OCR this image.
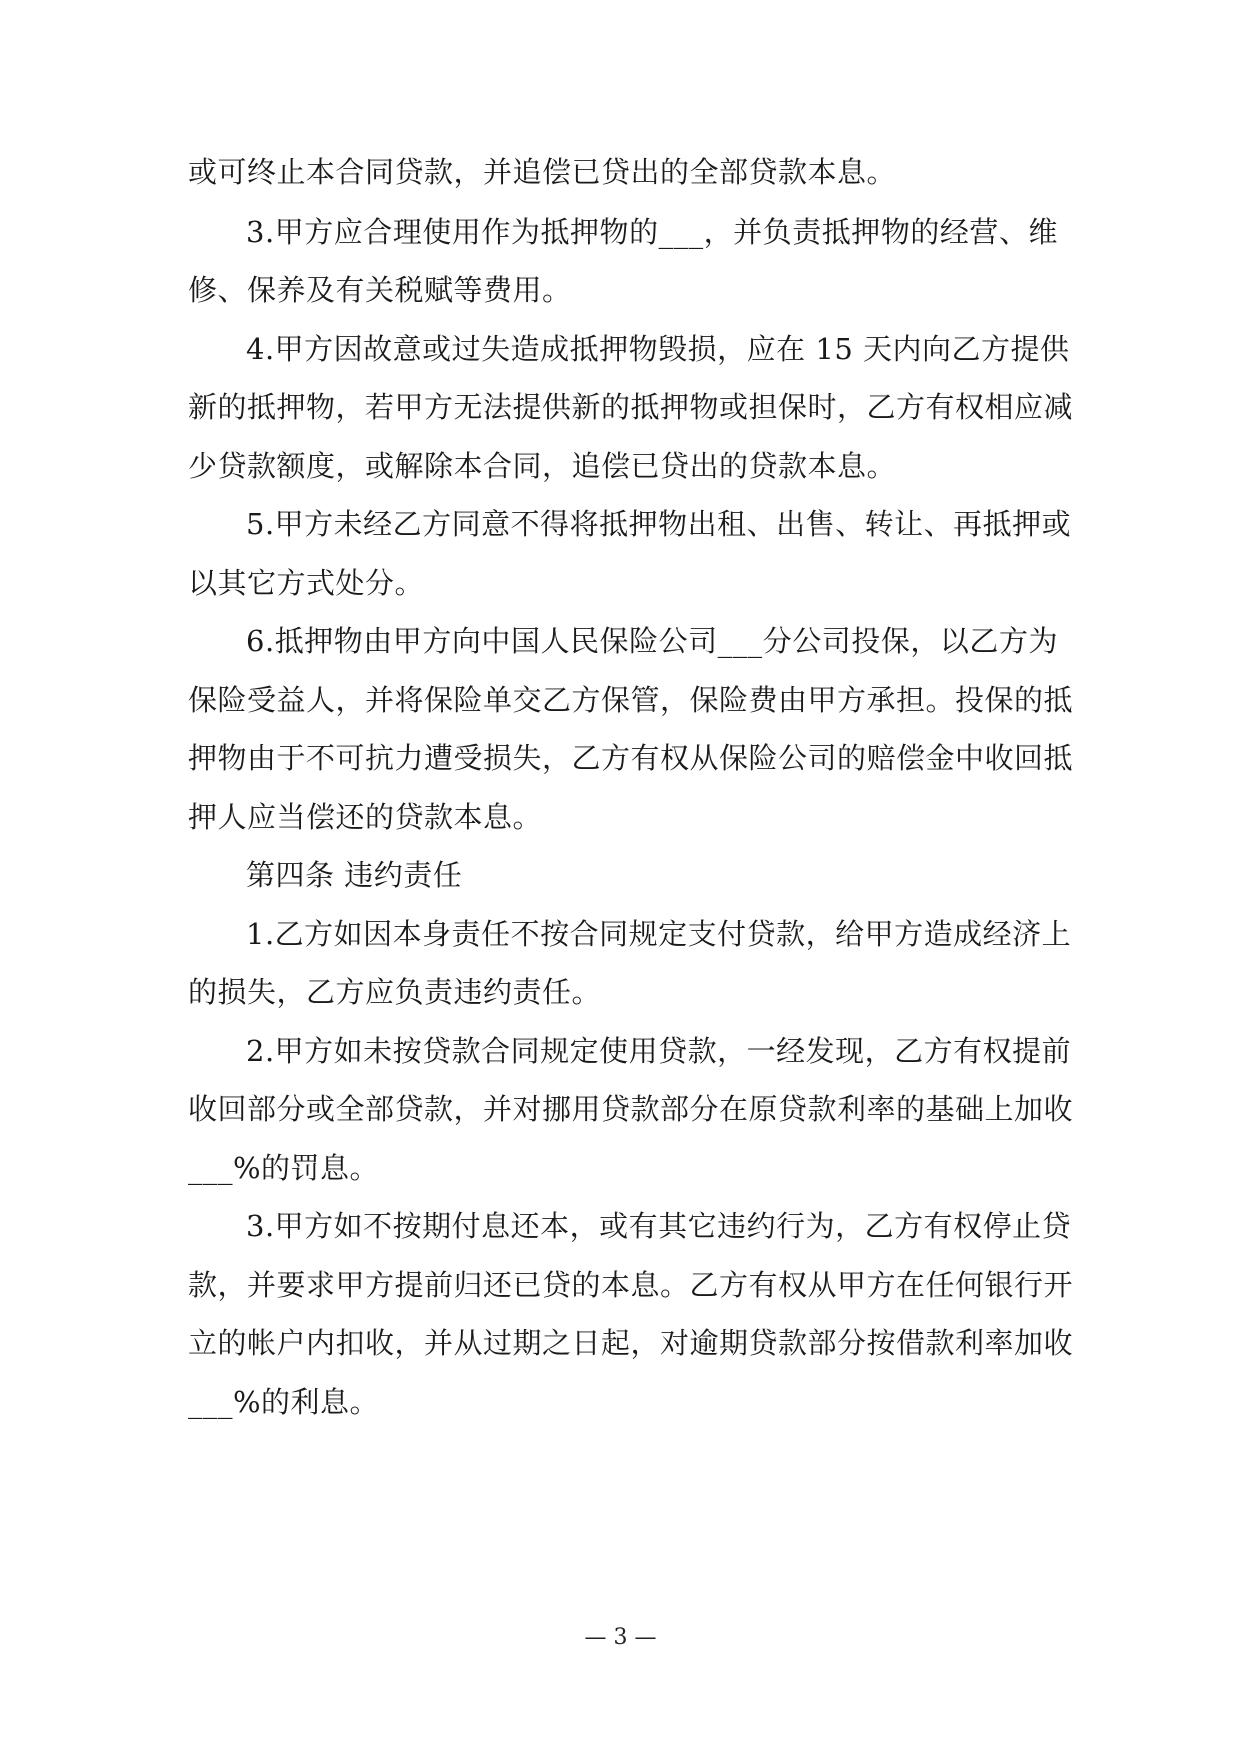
或可终止本合同贷款，并追偿已贷出的全部贷款本息。
3.甲方应合理使用作为抵押物的___，并负责抵押物的经营、维
修、保养及有关税赋等费用。
4.甲方因故意或过失造成抵押物毁损，应在 15 天内向乙方提供
新的抵押物，若甲方无法提供新的抵押物或担保时，乙方有权相应减
少贷款额度，或解除本合同，追偿已贷出的贷款本息。
5.甲方未经乙方同意不得将抵押物出租、出售、转让、再抵押或
以其它方式处分。
6.抵押物由甲方向中国人民保险公司___分公司投保，以乙方为
保险受益人，并将保险单交乙方保管，保险费由甲方承担。投保的抵
押物由于不可抗力遭受损失，乙方有权从保险公司的赔偿金中收回抵
押人应当偿还的贷款本息。
第四条 违约责任
1.乙方如因本身责任不按合同规定支付贷款，给甲方造成经济上
的损失，乙方应负责违约责任。
2.甲方如未按贷款合同规定使用贷款，一经发现，乙方有权提前
收回部分或全部贷款，并对挪用贷款部分在原贷款利率的基础上加收
___%的罚息。
3.甲方如不按期付息还本，或有其它违约行为，乙方有权停止贷
款，并要求甲方提前归还已贷的本息。乙方有权从甲方在任何银行开
立的帐户内扣收，并从过期之日起，对逾期贷款部分按借款利率加收
___%的利息。
— 3 —
